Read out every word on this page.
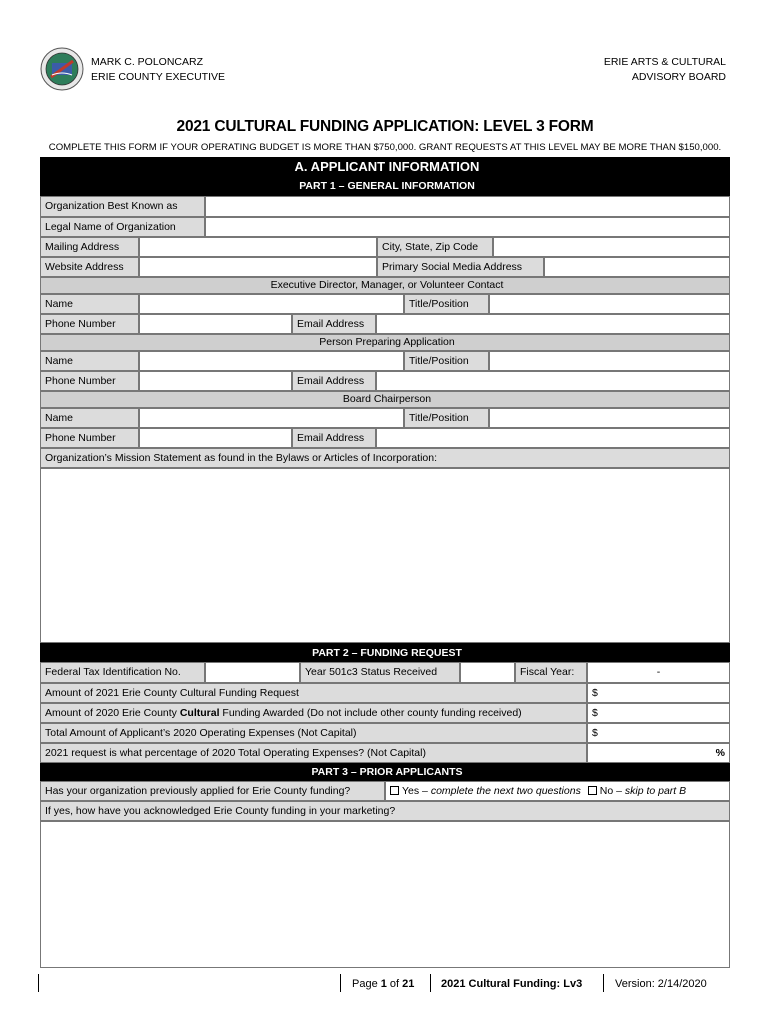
MARK C. POLONCARZ
ERIE COUNTY EXECUTIVE
ERIE ARTS & CULTURAL
ADVISORY BOARD
2021 CULTURAL FUNDING APPLICATION: LEVEL 3 FORM
COMPLETE THIS FORM IF YOUR OPERATING BUDGET IS MORE THAN $750,000. GRANT REQUESTS AT THIS LEVEL MAY BE MORE THAN $150,000.
A. APPLICANT INFORMATION
PART 1 – GENERAL INFORMATION
Organization Best Known as
Legal Name of Organization
Mailing Address	City, State, Zip Code
Website Address	Primary Social Media Address
Executive Director, Manager, or Volunteer Contact
Name	Title/Position
Phone Number	Email Address
Person Preparing Application
Name	Title/Position
Phone Number	Email Address
Board Chairperson
Name	Title/Position
Phone Number	Email Address
Organization’s Mission Statement as found in the Bylaws or Articles of Incorporation:
PART 2 – FUNDING REQUEST
Federal Tax Identification No.	Year 501c3 Status Received	Fiscal Year:	-
Amount of 2021 Erie County Cultural Funding Request	$
Amount of 2020 Erie County Cultural Funding Awarded (Do not include other county funding received)	$
Total Amount of Applicant’s 2020 Operating Expenses (Not Capital)	$
2021 request is what percentage of 2020 Total Operating Expenses? (Not Capital)	%
PART 3 – PRIOR APPLICANTS
Has your organization previously applied for Erie County funding?	Yes – complete the next two questions No – skip to part B
If yes, how have you acknowledged Erie County funding in your marketing?
Page 1 of 21 2021 Cultural Funding: Lv3	Version: 2/14/2020
